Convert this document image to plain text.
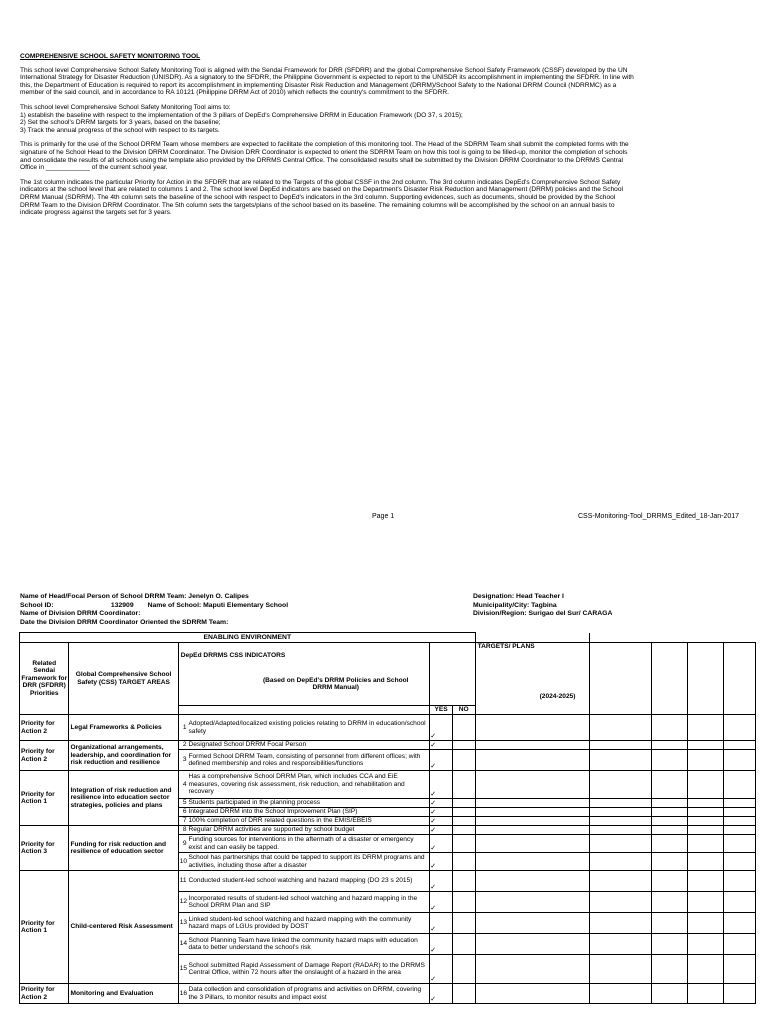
COMPREHENSIVE SCHOOL SAFETY MONITORING TOOL

This school level Comprehensive School Safety Monitoring Tool is aligned with the Sendai Framework for DRR (SFDRR) and the global Comprehensive School Safety Framework (CSSF) developed by the UN
International Strategy for Disaster Reduction (UNISDR). As a signatory to the SFDRR, the Philippine Government is expected to report to the UNISDR its accomplishment in implementing the SFDRR. In line with
this, the Department of Education is required to report its accomplishment in implementing Disaster Risk Reduction and Management (DRRM)/School Safety to the National DRRM Council (NDRRMC) as a
member of the said council, and in accordance to RA 10121 (Philippine DRRM Act of 2010) which reflects the country's commitment to the SFDRR.

This school level Comprehensive School Safety Monitoring Tool aims to:
1) establish the baseline with respect to the implementation of the 3 pillars of DepEd's Comprehensive DRRM in Education Framework (DO 37, s 2015);
2) Set the school's DRRM targets for 3 years, based on the baseline;
3) Track the annual progress of the school with respect to its targets.

This is primarily for the use of the School DRRM Team whose members are expected to facilitate the completion of this monitoring tool. The Head of the SDRRM Team shall submit the completed forms with the
signature of he School Head to the Division DRRM Coordinator. The Division DRR Coordinator is expected to orient the SDRRM Team on how this tool is going to be filled-up, monitor the completion of schools
and consolidate the results of all schools using the template also provided by the DRRMS Central Office. The consolidated results shall be submitted by the Division DRRM Coordinator to the DRRMS Central
Office in ____________ of the current school year.

The 1st column indicates the particular Priority for Action in the SFDRR that are related to the Targets of the global CSSF in the 2nd column. The 3rd column indicates DepEd's Comprehensive School Safety
indicators at the school level that are related to columns 1 and 2. The school level DepEd indicators are based on the Department's Disaster Risk Reduction and Management (DRRM) policies and the School
DRRM Manual (SDRRM). The 4th column sets the baseline of the school with respect to DepEd's indicators in the 3rd column. Supporting evidences, such as documents, should be provided by the School
DRRM Team to the Division DRRM Coordinator. The 5th column sets the targets/plans of the school based on its baseline. The remaining columns will be accomplished by the school on an annual basis to
indicate progress against the targets set for 3 years.

Page 1	CSS-Monitoring-Tool_DRRMS_Edited_18-Jan-2017
Name of Head/Focal Person of School DRRM Team: Jenelyn O. Calipes
School ID:	132909 Name of School: Maputi Elementary School
Name of Division DRRM Coordinator:
Date the Division DRRM Coordinator Oriented the SDRRM Team:
Designation: Head Teacher I
Municipality/City: Tagbina
Division/Region: Surigao del Sur/ CARAGA
ENABLING ENVIRONMENT										
Related Sendai Framework for DRR (SFDRR) Priorities	Global Comprehensive School Safety (CSS) TARGET AREAS	DepEd DRRMS CSS INDICATORS
(Based on DepEd's DRRM Policies and School DRRM Manual)				TARGETS/ PLANS
(2024-2025)				

				YES	NO					
Priority for Action 2	Legal Frameworks & Policies	1	Adopted/Adapted/localized existing policies relating to DRRM in education/school safety	✓						
Priority for Action 2	Organizational arrangements, leadership, and coordination for risk reduction and resilience	2	Designated School DRRM Focal Person	✓						
		3	Formed School DRRM Team, consisting of personnel from different offices; with defined membership and roles and responsibilities/functions	✓						
Priority for Action 1	Integration of risk reduction and resilience into education sector strategies, policies and plans	4	Has a comprehensive School DRRM Plan, which includes CCA and EiE measures, covering risk assessment, risk reduction, and rehabilitation and recovery	✓						
		5	Students participated in the planning process	✓						
		6	Integrated DRRM into the School Improvement Plan (SIP)	✓						
		7	100% completion of DRR related questions in the EMIS/EBEIS	✓						
Priority for Action 3	Funding for risk reduction and resilience of education sector	8	Regular DRRM activities are supported by school budget	✓						
		9	Funding sources for interventions in the aftermath of a disaster or emergency exist and can easily be tapped.	✓						
		10	School has partnerships that could be tapped to support its DRRM programs and activities, including those after a disaster	✓						
Priority for Action 1	Child-centered Risk Assessment	11	Conducted student-led school watching and hazard mapping (DO 23 s 2015)	✓						
		12	Incorporated results of student-led school watching and hazard mapping in the School DRRM Plan and SIP	✓						
		13	Linked student-led school watching and hazard mapping with the community hazard maps of LGUs provided by DOST	✓						
		14	School Planning Team have linked the community hazard maps with education data to better understand the school's risk	✓						
		15	School submitted Rapid Assessment of Damage Report (RADAR) to the DRRMS Central Office, within 72 hours after the onslaught of a hazard in the area	✓						
Priority for Action 2	Monitoring and Evaluation	16	Data collection and consolidation of programs and activities on DRRM, covering the 3 Pillars, to monitor results and impact exist	✓						
